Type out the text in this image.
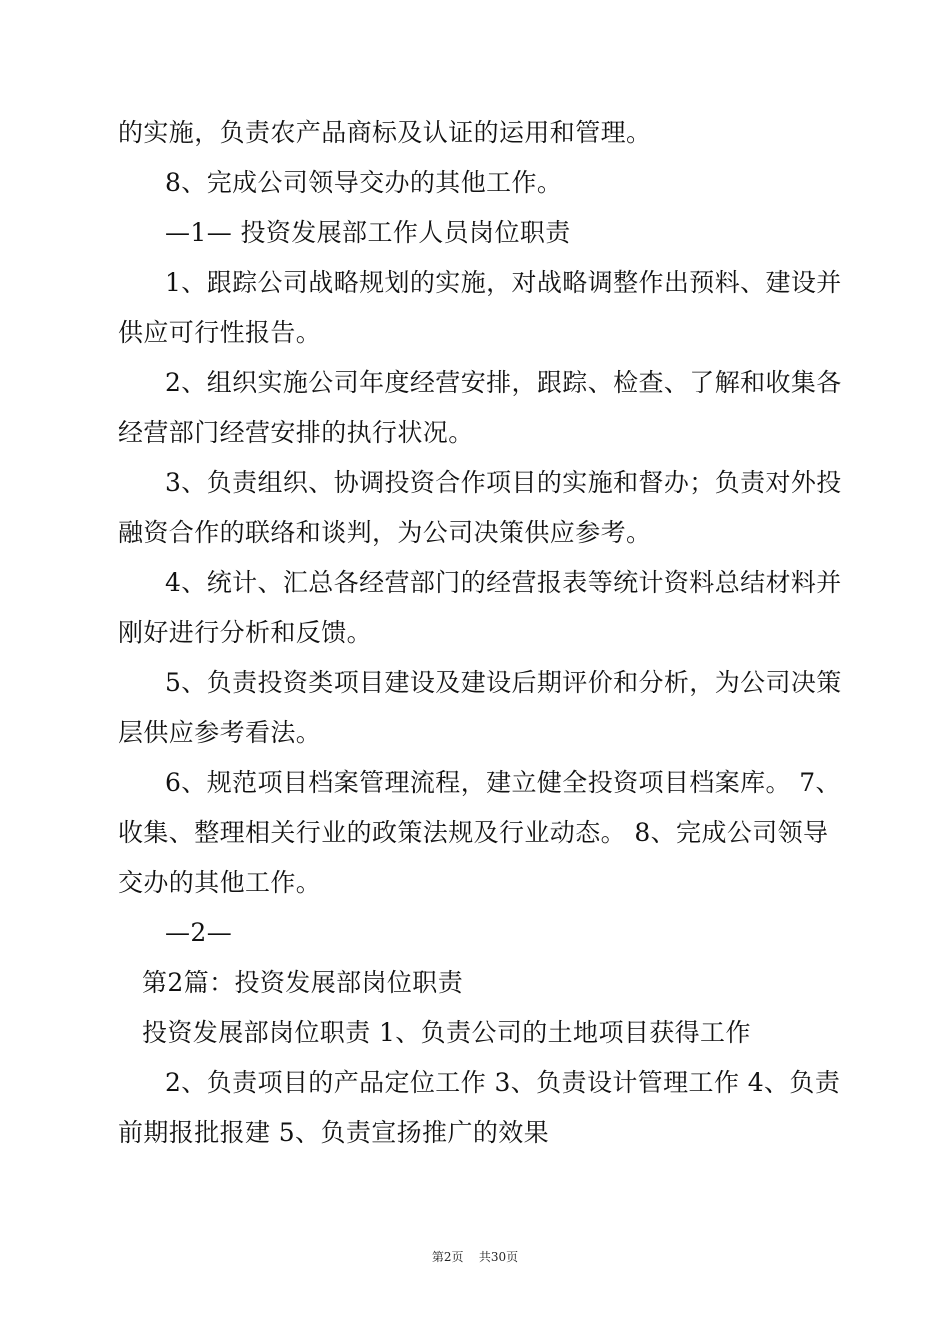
的实施，负责农产品商标及认证的运用和管理。
8、完成公司领导交办的其他工作。
—1— 投资发展部工作人员岗位职责
1、跟踪公司战略规划的实施，对战略调整作出预料、建设并
供应可行性报告。
2、组织实施公司年度经营安排，跟踪、检查、了解和收集各
经营部门经营安排的执行状况。
3、负责组织、协调投资合作项目的实施和督办；负责对外投
融资合作的联络和谈判，为公司决策供应参考。
4、统计、汇总各经营部门的经营报表等统计资料总结材料并
刚好进行分析和反馈。
5、负责投资类项目建设及建设后期评价和分析，为公司决策
层供应参考看法。
6、规范项目档案管理流程，建立健全投资项目档案库。 7、
收集、整理相关行业的政策法规及行业动态。 8、完成公司领导
交办的其他工作。
—2—
第2篇：投资发展部岗位职责
投资发展部岗位职责 1、负责公司的土地项目获得工作
2、负责项目的产品定位工作 3、负责设计管理工作 4、负责
前期报批报建 5、负责宣扬推广的效果
第2页 共30页
